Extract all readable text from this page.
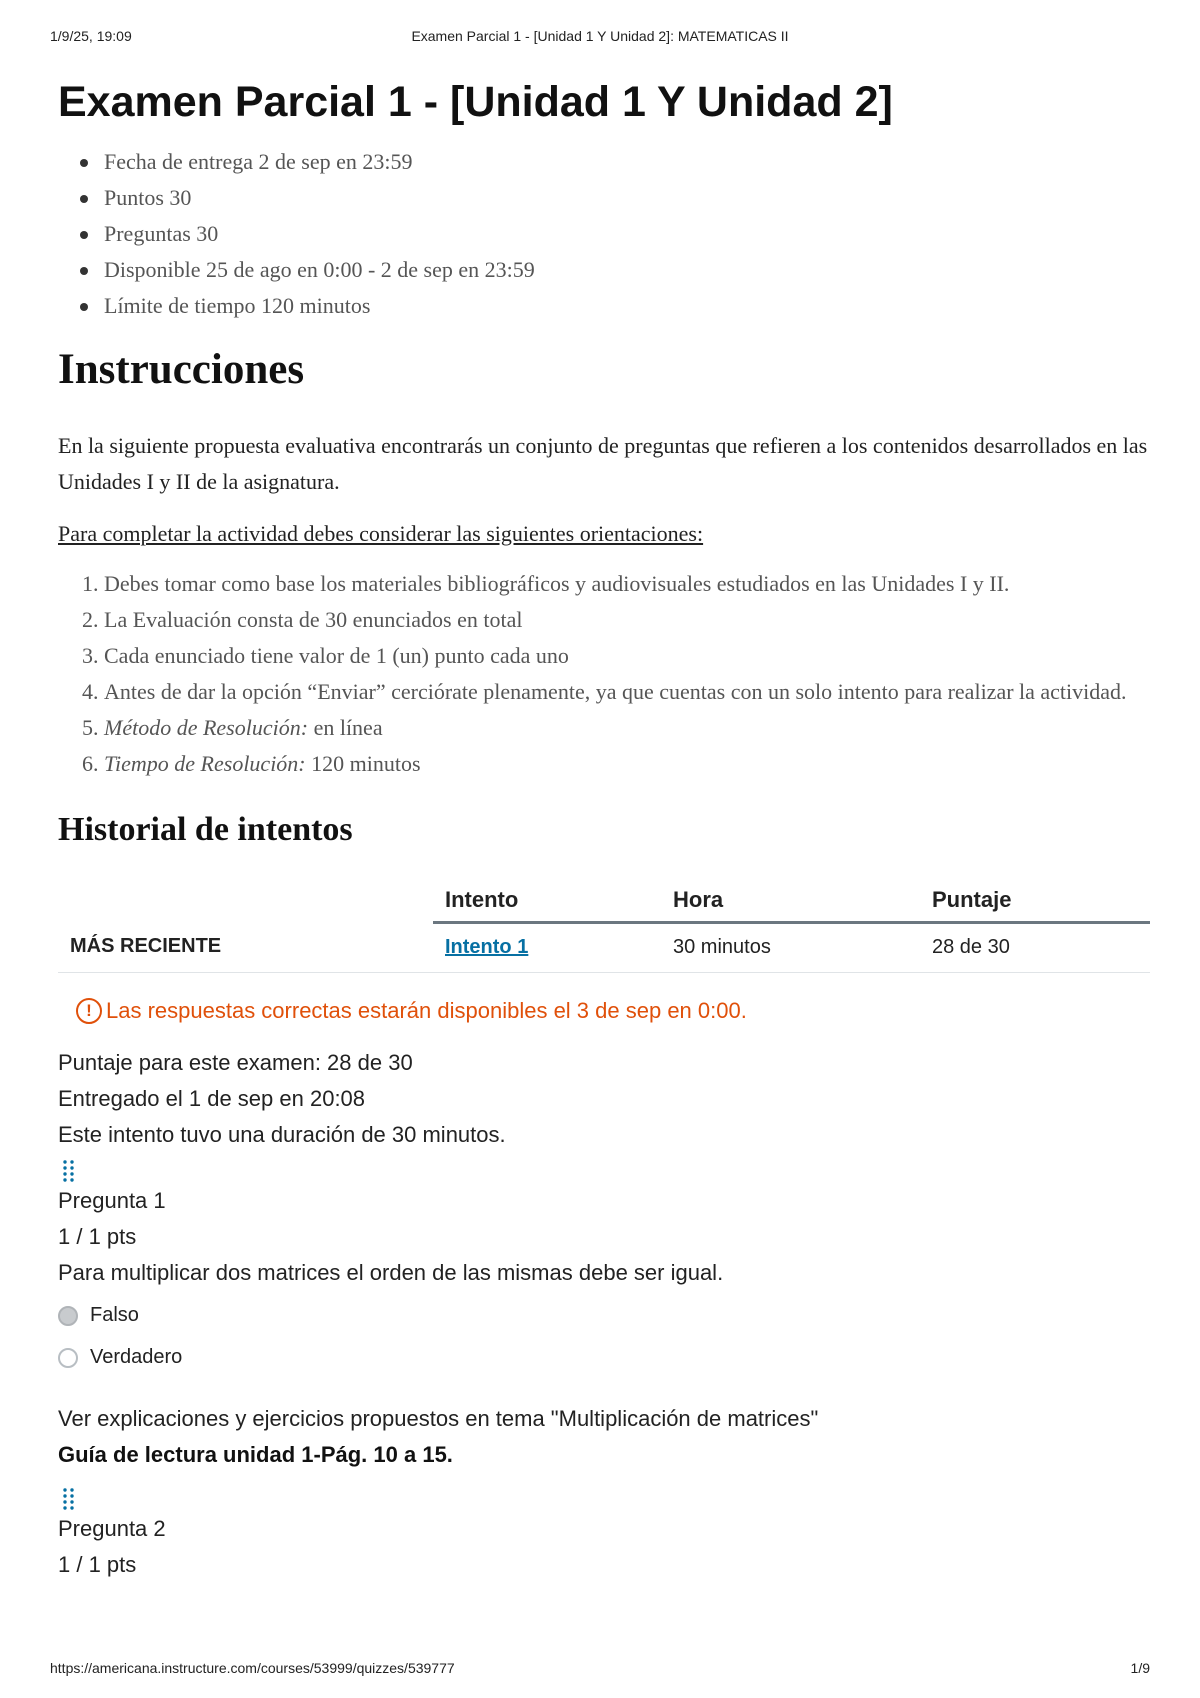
1/9/25, 19:09	Examen Parcial 1 - [Unidad 1 Y Unidad 2]: MATEMATICAS II
Examen Parcial 1 - [Unidad 1 Y Unidad 2]
Fecha de entrega 2 de sep en 23:59
Puntos 30
Preguntas 30
Disponible 25 de ago en 0:00 - 2 de sep en 23:59
Límite de tiempo 120 minutos
Instrucciones

En la siguiente propuesta evaluativa encontrarás un conjunto de preguntas que refieren a los contenidos desarrollados en las Unidades I y II de la asignatura.

Para completar la actividad debes considerar las siguientes orientaciones:

1. Debes tomar como base los materiales bibliográficos y audiovisuales estudiados en las Unidades I y II.
2. La Evaluación consta de 30 enunciados en total
3. Cada enunciado tiene valor de 1 (un) punto cada uno
4. Antes de dar la opción “Enviar” cerciórate plenamente, ya que cuentas con un solo intento para realizar la actividad.
5. Método de Resolución: en línea
6. Tiempo de Resolución: 120 minutos
Historial de intentos
	Intento	Hora	Puntaje
MÁS RECIENTE	Intento 1	30 minutos	28 de 30
! Las respuestas correctas estarán disponibles el 3 de sep en 0:00.
Puntaje para este examen: 28 de 30
Entregado el 1 de sep en 20:08
Este intento tuvo una duración de 30 minutos.
Pregunta 1
1 / 1 pts
Para multiplicar dos matrices el orden de las mismas debe ser igual.
Falso
Verdadero
Ver explicaciones y ejercicios propuestos en tema "Multiplicación de matrices"
Guía de lectura unidad 1-Pág. 10 a 15.
Pregunta 2
1 / 1 pts
https://americana.instructure.com/courses/53999/quizzes/539777	1/9
